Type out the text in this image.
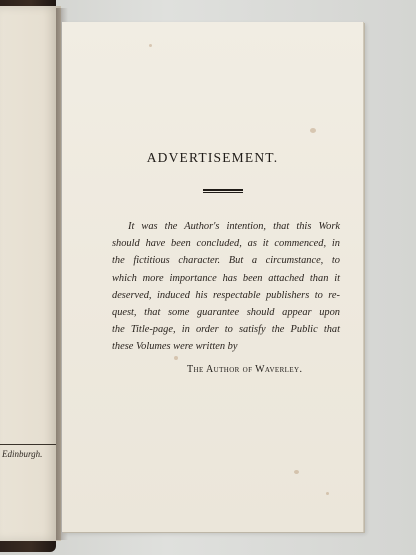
Edinburgh.
ADVERTISEMENT.

It was the Author's intention, that this Work
should have been concluded, as it commenced, in
the fictitious character. But a circumstance, to
which more importance has been attached than it
deserved, induced his respectable publishers to re-
quest, that some guarantee should appear upon
the Title-page, in order to satisfy the Public that
these Volumes were written by

The Author of Waverley.
